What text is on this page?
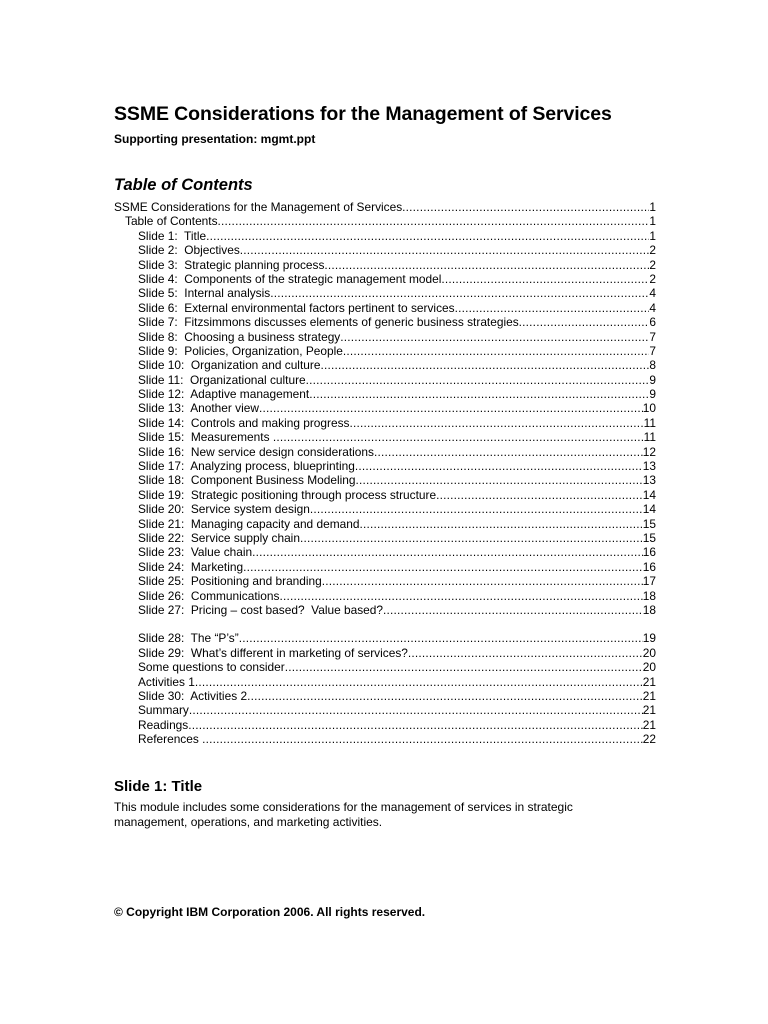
SSME Considerations for the Management of Services
Supporting presentation: mgmt.ppt
Table of Contents
SSME Considerations for the Management of Services .....	1
Table of Contents .....	1
Slide 1:  Title .....	1
Slide 2:  Objectives .....	2
Slide 3:  Strategic planning process .....	2
Slide 4:  Components of the strategic management model .....	2
Slide 5:  Internal analysis .....	4
Slide 6:  External environmental factors pertinent to services .....	4
Slide 7:  Fitzsimmons discusses elements of generic business strategies .....	6
Slide 8:  Choosing a business strategy .....	7
Slide 9:  Policies, Organization, People .....	7
Slide 10:  Organization and culture .....	8
Slide 11:  Organizational culture .....	9
Slide 12:  Adaptive management .....	9
Slide 13:  Another view .....	10
Slide 14:  Controls and making progress .....	11
Slide 15:  Measurements .....	11
Slide 16:  New service design considerations .....	12
Slide 17:  Analyzing process, blueprinting .....	13
Slide 18:  Component Business Modeling .....	13
Slide 19:  Strategic positioning through process structure .....	14
Slide 20:  Service system design .....	14
Slide 21:  Managing capacity and demand .....	15
Slide 22:  Service supply chain .....	15
Slide 23:  Value chain .....	16
Slide 24:  Marketing .....	16
Slide 25:  Positioning and branding .....	17
Slide 26:  Communications .....	18
Slide 27:  Pricing – cost based?  Value based? .....	18
Slide 28:  The “P’s” .....	19
Slide 29:  What’s different in marketing of services? .....	20
Some questions to consider .....	20
Activities 1 .....	21
Slide 30:  Activities 2 .....	21
Summary .....	21
Readings .....	21
References .....	22
Slide 1: Title
This module includes some considerations for the management of services in strategic management, operations, and marketing activities.
© Copyright IBM Corporation 2006. All rights reserved.
